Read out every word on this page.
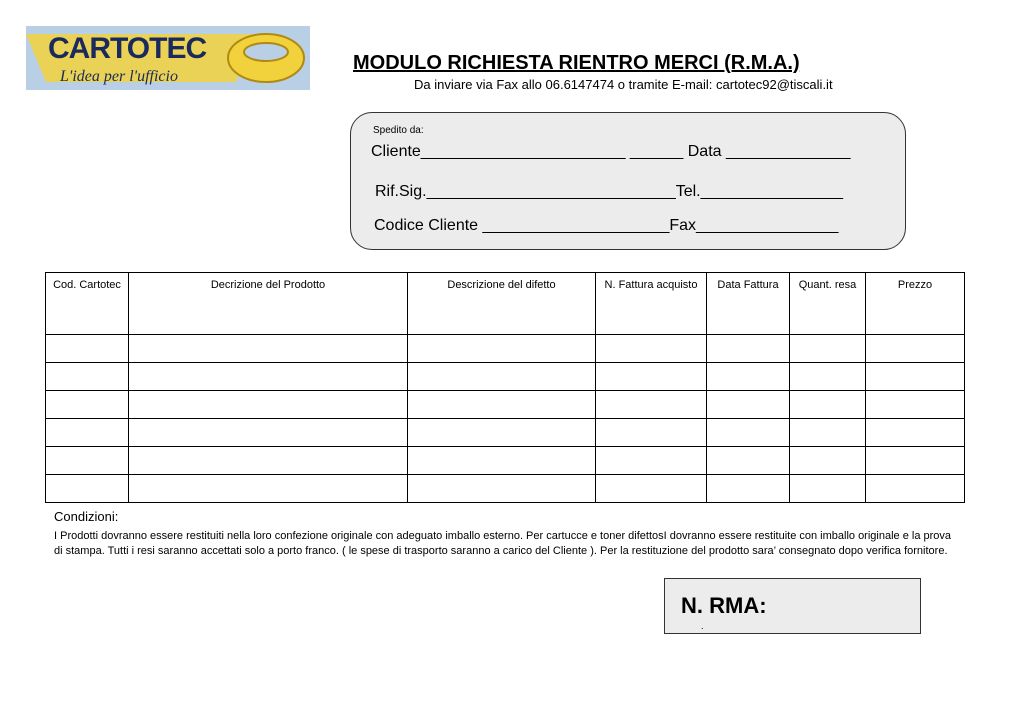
CARTOTEC
L'idea per l'ufficio
MODULO RICHIESTA RIENTRO MERCI (R.M.A.)
Da inviare via Fax allo 06.6147474 o tramite E-mail: cartotec92@tiscali.it
Spedito da:
Cliente_______________________ ______ Data ______________
Rif.Sig.____________________________Tel.________________
Codice Cliente _____________________Fax________________
Cod. Cartotec	Decrizione del Prodotto	Descrizione del difetto	N. Fattura acquisto	Data Fattura	Quant. resa	Prezzo

Condizioni:
I Prodotti dovranno essere restituiti nella loro confezione originale con adeguato imballo esterno. Per cartucce e toner difettosI dovranno essere restituite con imballo originale e la prova di stampa. Tutti i resi saranno accettati solo a porto franco. ( le spese di trasporto saranno a carico del Cliente ). Per la restituzione del prodotto sara’ consegnato dopo verifica fornitore.
N. RMA:
.
